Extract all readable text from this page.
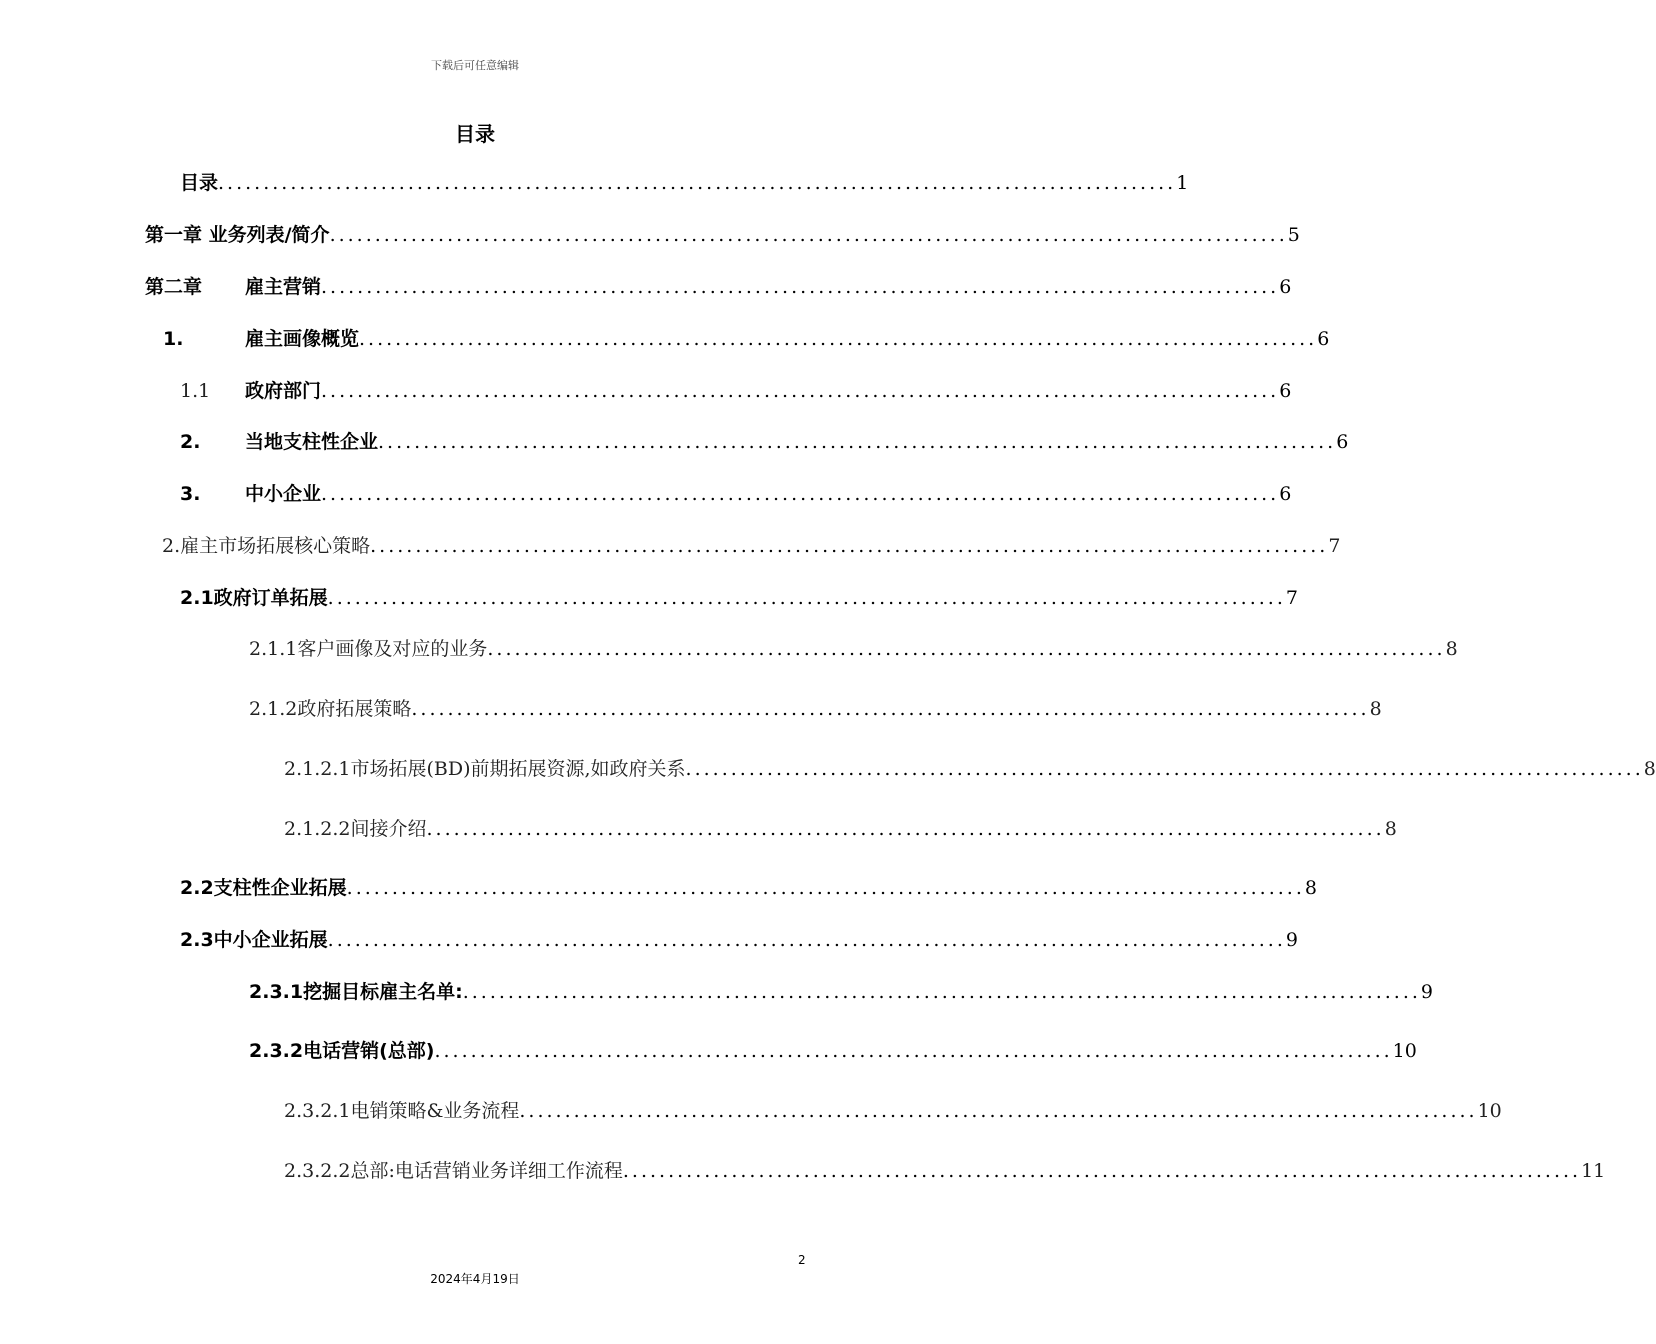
下载后可任意编辑
目录
目录 .......................................................................................................... 1
第一章 业务列表/简介 .......................................................................................................... 5
第二章	雇主营销 .......................................................................................................... 6
1.	雇主画像概览 .......................................................................................................... 6
1.1	政府部门 .......................................................................................................... 6
2.	当地支柱性企业 .......................................................................................................... 6
3.	中小企业 .......................................................................................................... 6
2.雇主市场拓展核心策略 .......................................................................................................... 7
2.1政府订单拓展 .......................................................................................................... 7
2.1.1客户画像及对应的业务 .......................................................................................................... 8
2.1.2政府拓展策略 .......................................................................................................... 8
2.1.2.1市场拓展(BD)前期拓展资源,如政府关系 .......................................................................................................... 8
2.1.2.2间接介绍 .......................................................................................................... 8
2.2支柱性企业拓展 .......................................................................................................... 8
2.3中小企业拓展 .......................................................................................................... 9
2.3.1挖掘目标雇主名单: .......................................................................................................... 9
2.3.2电话营销(总部) .......................................................................................................... 10
2.3.2.1电销策略&业务流程 .......................................................................................................... 10
2.3.2.2总部:电话营销业务详细工作流程 .......................................................................................................... 11
2
2024年4月19日
